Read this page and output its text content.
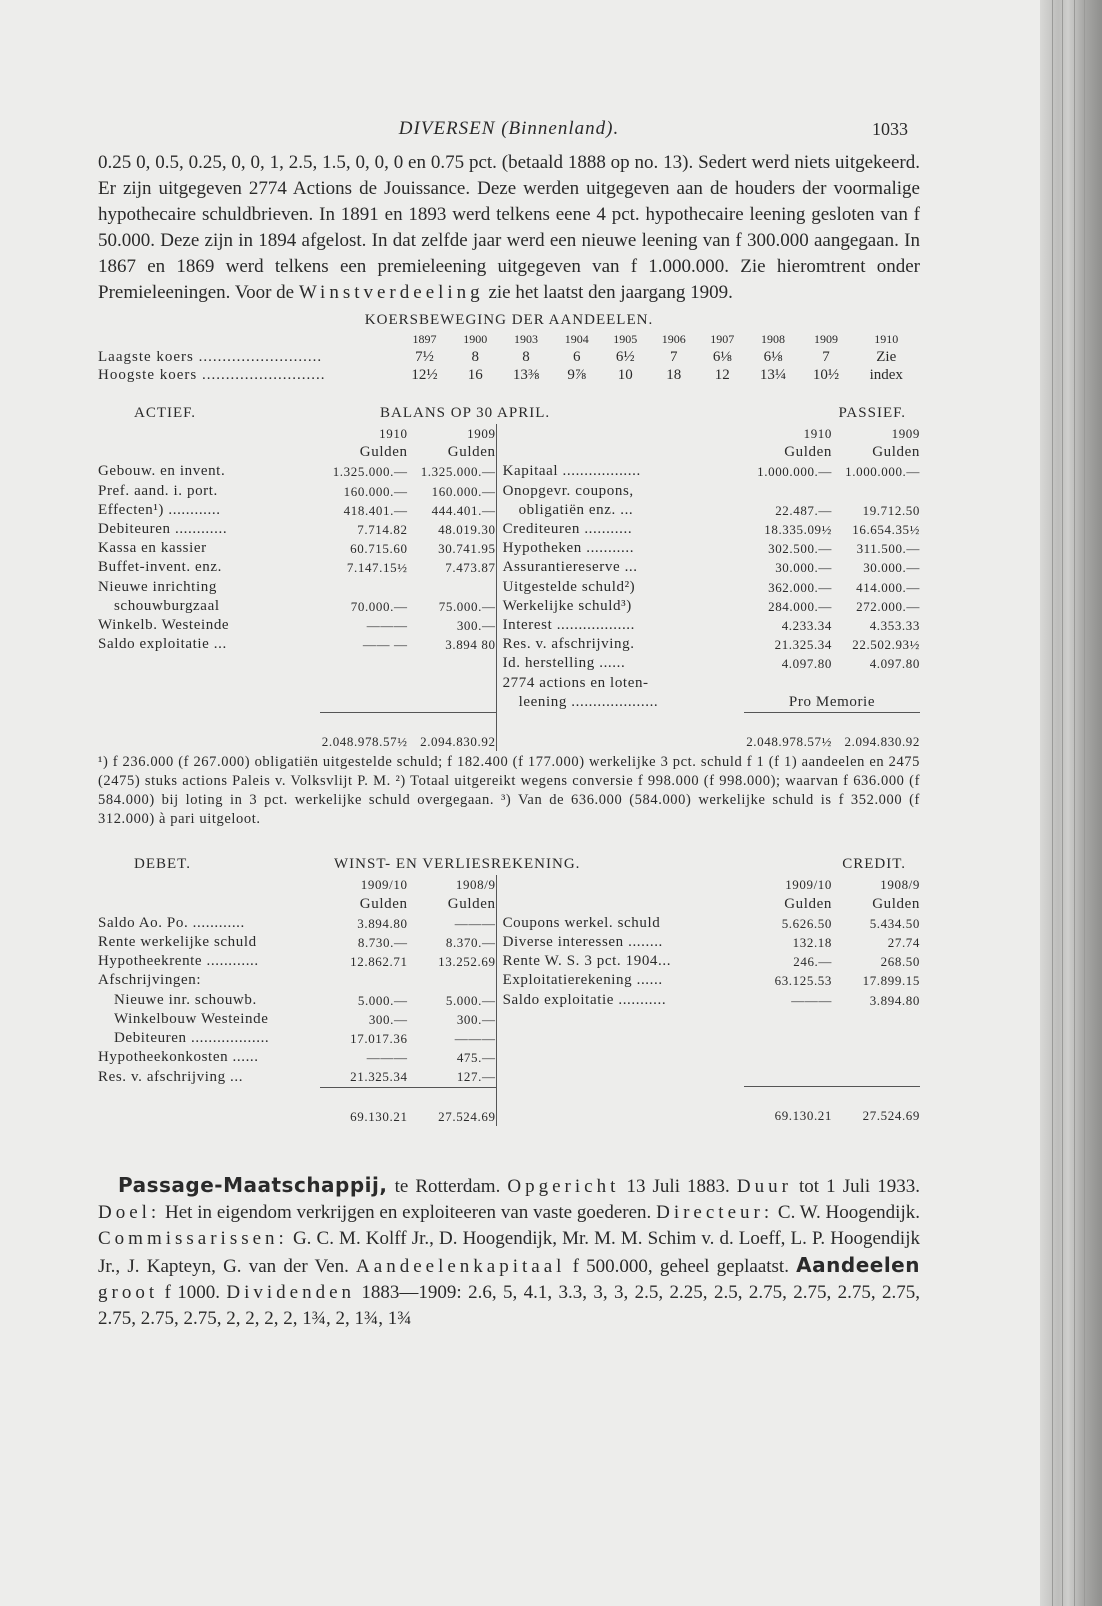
DIVERSEN (Binnenland).	1033

0.25 0, 0.5, 0.25, 0, 0, 1, 2.5, 1.5, 0, 0, 0 en 0.75 pct. (betaald 1888 op no. 13). Sedert werd niets uitgekeerd. Er zijn uitgegeven 2774 Actions de Jouissance. Deze werden uitgegeven aan de houders der voormalige hypothecaire schuldbrieven. In 1891 en 1893 werd telkens eene 4 pct. hypothecaire leening gesloten van f 50.000. Deze zijn in 1894 afgelost. In dat zelfde jaar werd een nieuwe leening van f 300.000 aangegaan. In 1867 en 1869 werd telkens een premieleening uitgegeven van f 1.000.000. Zie hieromtrent onder Premieleeningen. Voor de Winstverdeeling zie het laatst den jaargang 1909.

KOERSBEWEGING DER AANDEELEN.
	1897	1900	1903	1904	1905	1906	1907	1908	1909	1910
Laagste koers ..........................	7½	8	8	6	6½	7	6⅛	6⅛	7	Zie
Hoogste koers ..........................	12½	16	13⅜	9⅞	10	18	12	13¼	10½	index
ACTIEF.	BALANS OP 30 APRIL.	PASSIEF.
	1910	1909
	Gulden	Gulden
Gebouw. en invent.	1.325.000.—	1.325.000.—
Pref. aand. i. port.	160.000.—	160.000.—
Effecten¹) ............	418.401.—	444.401.—
Debiteuren ............	7.714.82	48.019.30
Kassa en kassier	60.715.60	30.741.95
Buffet-invent. enz.	7.147.15½	7.473.87
Nieuwe inrichting		
schouwburgzaal	70.000.—	75.000.—
Winkelb. Westeinde	———	300.—
Saldo exploitatie ...	—— —	3.894 80

	2.048.978.57½	2.094.830.92
	1910	1909
	Gulden	Gulden
Kapitaal ..................	1.000.000.—	1.000.000.—
Onopgevr. coupons,		
obligatiën enz. ...	22.487.—	19.712.50
Crediteuren ...........	18.335.09½	16.654.35½
Hypotheken ...........	302.500.—	311.500.—
Assurantiereserve ...	30.000.—	30.000.—
Uitgestelde schuld²)	362.000.—	414.000.—
Werkelijke schuld³)	284.000.—	272.000.—
Interest ..................	4.233.34	4.353.33
Res. v. afschrijving.	21.325.34	22.502.93½
Id. herstelling ......	4.097.80	4.097.80
2774 actions en loten-		
leening ....................	Pro Memorie	

	2.048.978.57½	2.094.830.92

¹) f 236.000 (f 267.000) obligatiën uitgestelde schuld; f 182.400 (f 177.000) werkelijke 3 pct. schuld f 1 (f 1) aandeelen en 2475 (2475) stuks actions Paleis v. Volksvlijt P. M. ²) Totaal uitgereikt wegens conversie f 998.000 (f 998.000); waarvan f 636.000 (f 584.000) bij loting in 3 pct. werkelijke schuld overgegaan. ³) Van de 636.000 (584.000) werkelijke schuld is f 352.000 (f 312.000) à pari uitgeloot.

DEBET.	WINST- EN VERLIESREKENING.	CREDIT.
	1909/10	1908/9
	Gulden	Gulden
Saldo Ao. Po. ............	3.894.80	———
Rente werkelijke schuld	8.730.—	8.370.—
Hypotheekrente ............	12.862.71	13.252.69
Afschrijvingen:		
Nieuwe inr. schouwb.	5.000.—	5.000.—
Winkelbouw Westeinde	300.—	300.—
Debiteuren ..................	17.017.36	———
Hypotheekonkosten ......	———	475.—
Res. v. afschrijving ...	21.325.34	127.—

	69.130.21	27.524.69
	1909/10	1908/9
	Gulden	Gulden
Coupons werkel. schuld	5.626.50	5.434.50
Diverse interessen ........	132.18	27.74
Rente W. S. 3 pct. 1904...	246.—	268.50
Exploitatierekening ......	63.125.53	17.899.15
Saldo exploitatie ...........	———	3.894.80

	69.130.21	27.524.69

Passage-Maatschappij, te Rotterdam. Opgericht 13 Juli 1883. Duur tot 1 Juli 1933. Doel: Het in eigendom verkrijgen en exploiteeren van vaste goederen. Directeur: C. W. Hoogendijk. Commissarissen: G. C. M. Kolff Jr., D. Hoogendijk, Mr. M. M. Schim v. d. Loeff, L. P. Hoogendijk Jr., J. Kapteyn, G. van der Ven. Aandeelenkapitaal f 500.000, geheel geplaatst. Aandeelen groot f 1000. Dividenden 1883—1909: 2.6, 5, 4.1, 3.3, 3, 3, 2.5, 2.25, 2.5, 2.75, 2.75, 2.75, 2.75, 2.75, 2.75, 2.75, 2, 2, 2, 2, 1¾, 2, 1¾, 1¾
